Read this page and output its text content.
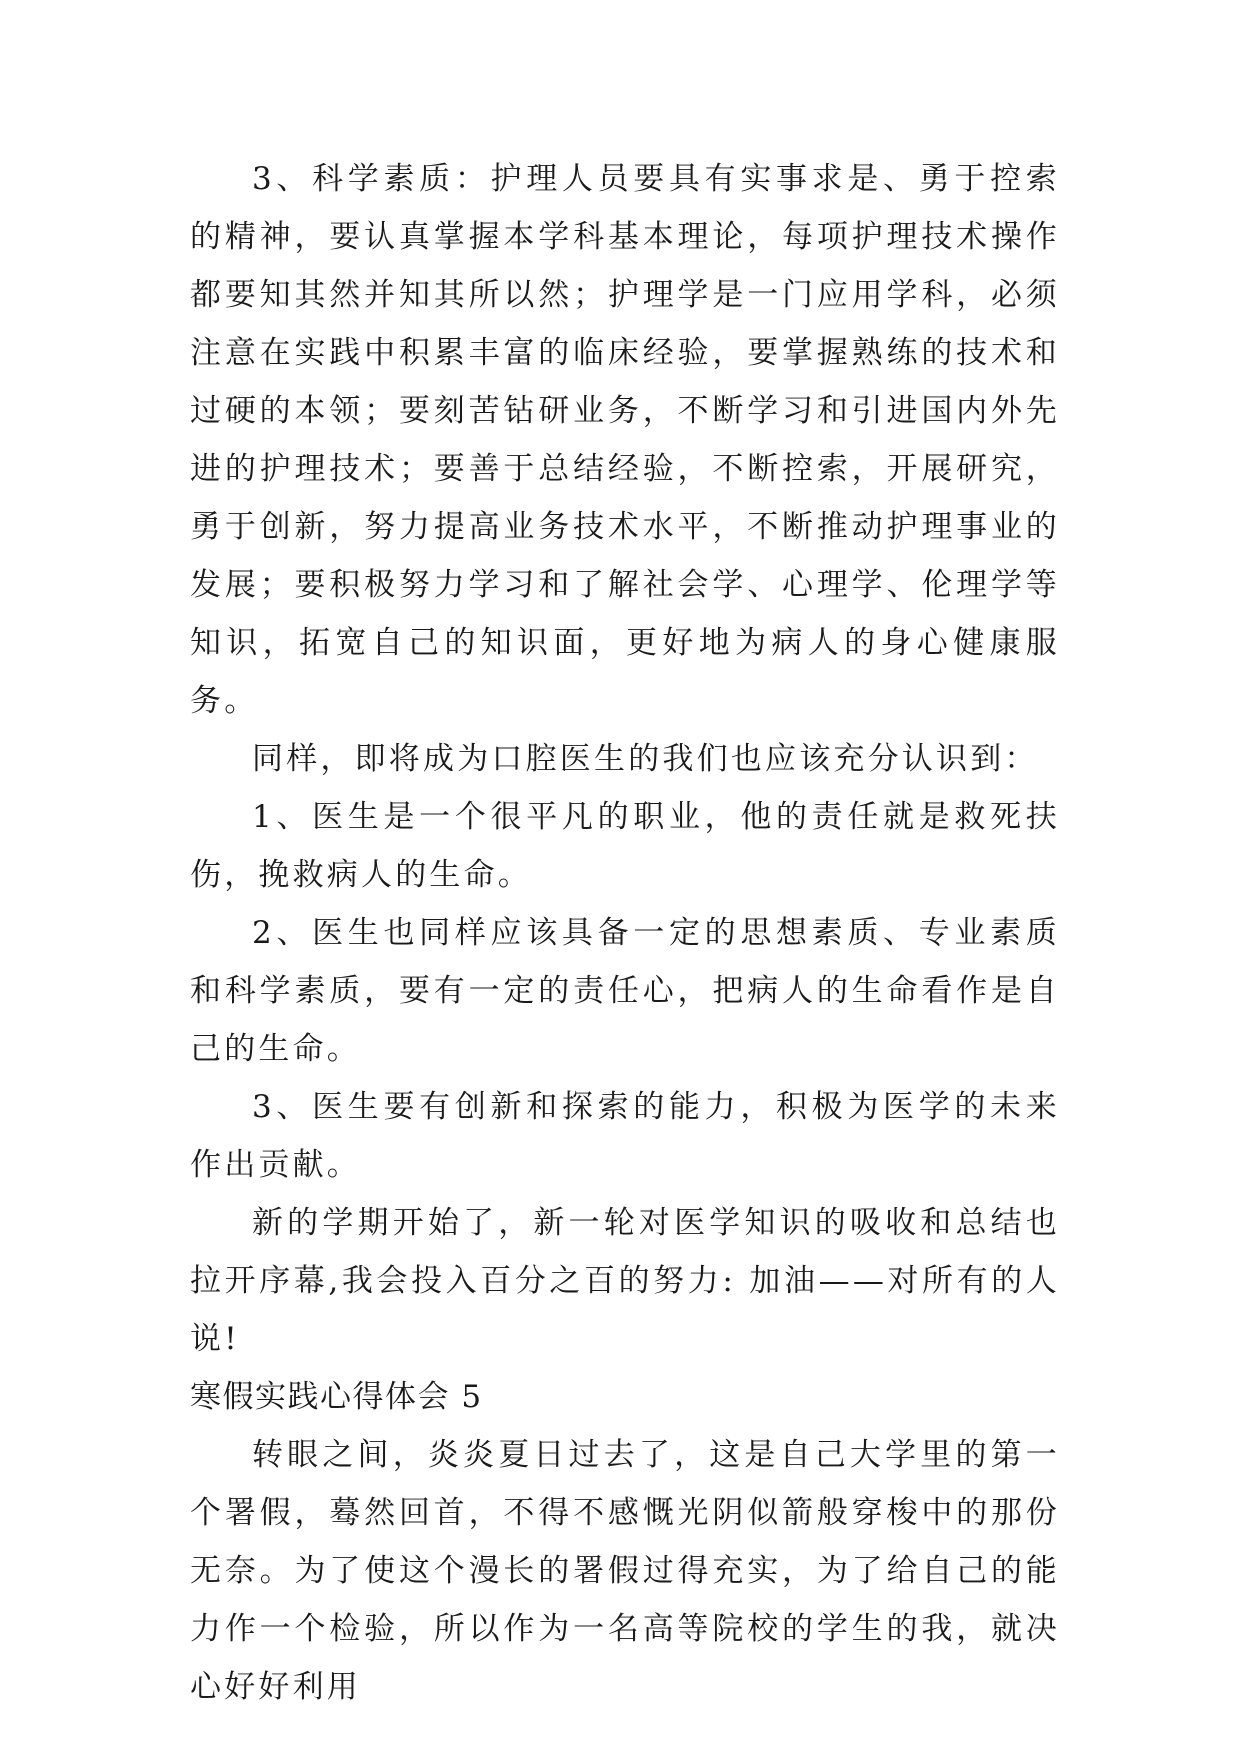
3、科学素质：护理人员要具有实事求是、勇于控索的精神，要认真掌握本学科基本理论，每项护理技术操作都要知其然并知其所以然；护理学是一门应用学科，必须注意在实践中积累丰富的临床经验，要掌握熟练的技术和过硬的本领；要刻苦钻研业务，不断学习和引进国内外先进的护理技术；要善于总结经验，不断控索，开展研究，勇于创新，努力提高业务技术水平，不断推动护理事业的发展；要积极努力学习和了解社会学、心理学、伦理学等知识，拓宽自己的知识面，更好地为病人的身心健康服务。

同样，即将成为口腔医生的我们也应该充分认识到：

1、医生是一个很平凡的职业，他的责任就是救死扶伤，挽救病人的生命。

2、医生也同样应该具备一定的思想素质、专业素质和科学素质，要有一定的责任心，把病人的生命看作是自己的生命。

3、医生要有创新和探索的能力，积极为医学的未来作出贡献。

新的学期开始了，新一轮对医学知识的吸收和总结也拉开序幕,我会投入百分之百的努力: 加油——对所有的人说!

寒假实践心得体会 5

转眼之间，炎炎夏日过去了，这是自己大学里的第一个署假，蓦然回首，不得不感慨光阴似箭般穿梭中的那份无奈。为了使这个漫长的署假过得充实，为了给自己的能力作一个检验，所以作为一名高等院校的学生的我，就决心好好利用
